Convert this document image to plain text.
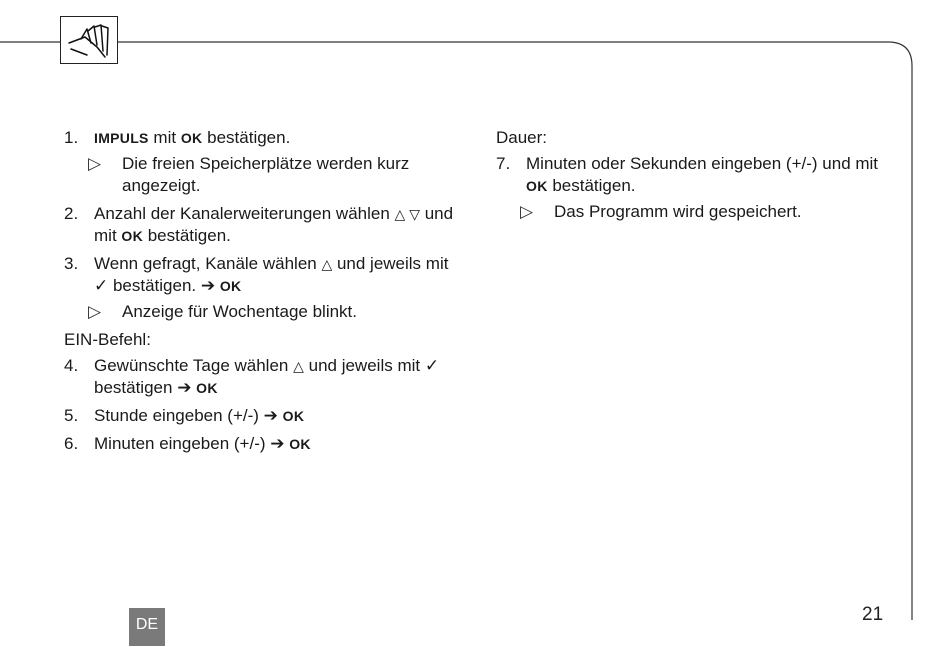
1.	IMPULS mit OK bestätigen.
▷	Die freien Speicherplätze werden kurz angezeigt.
2. Anzahl der Kanalerweiterungen wählen △ ▽ und mit OK bestätigen.
3. Wenn gefragt, Kanäle wählen △ und jeweils mit ✓ bestätigen. ➔ OK
▷	Anzeige für Wochentage blinkt.
EIN-Befehl:
4. Gewünschte Tage wählen △ und jeweils mit ✓ bestätigen ➔ OK
5. Stunde eingeben (+/-) ➔ OK
6. Minuten eingeben (+/-) ➔ OK
Dauer:
7. Minuten oder Sekunden eingeben (+/-) und mit OK bestätigen.
▷	Das Programm wird gespeichert.
DE	21
